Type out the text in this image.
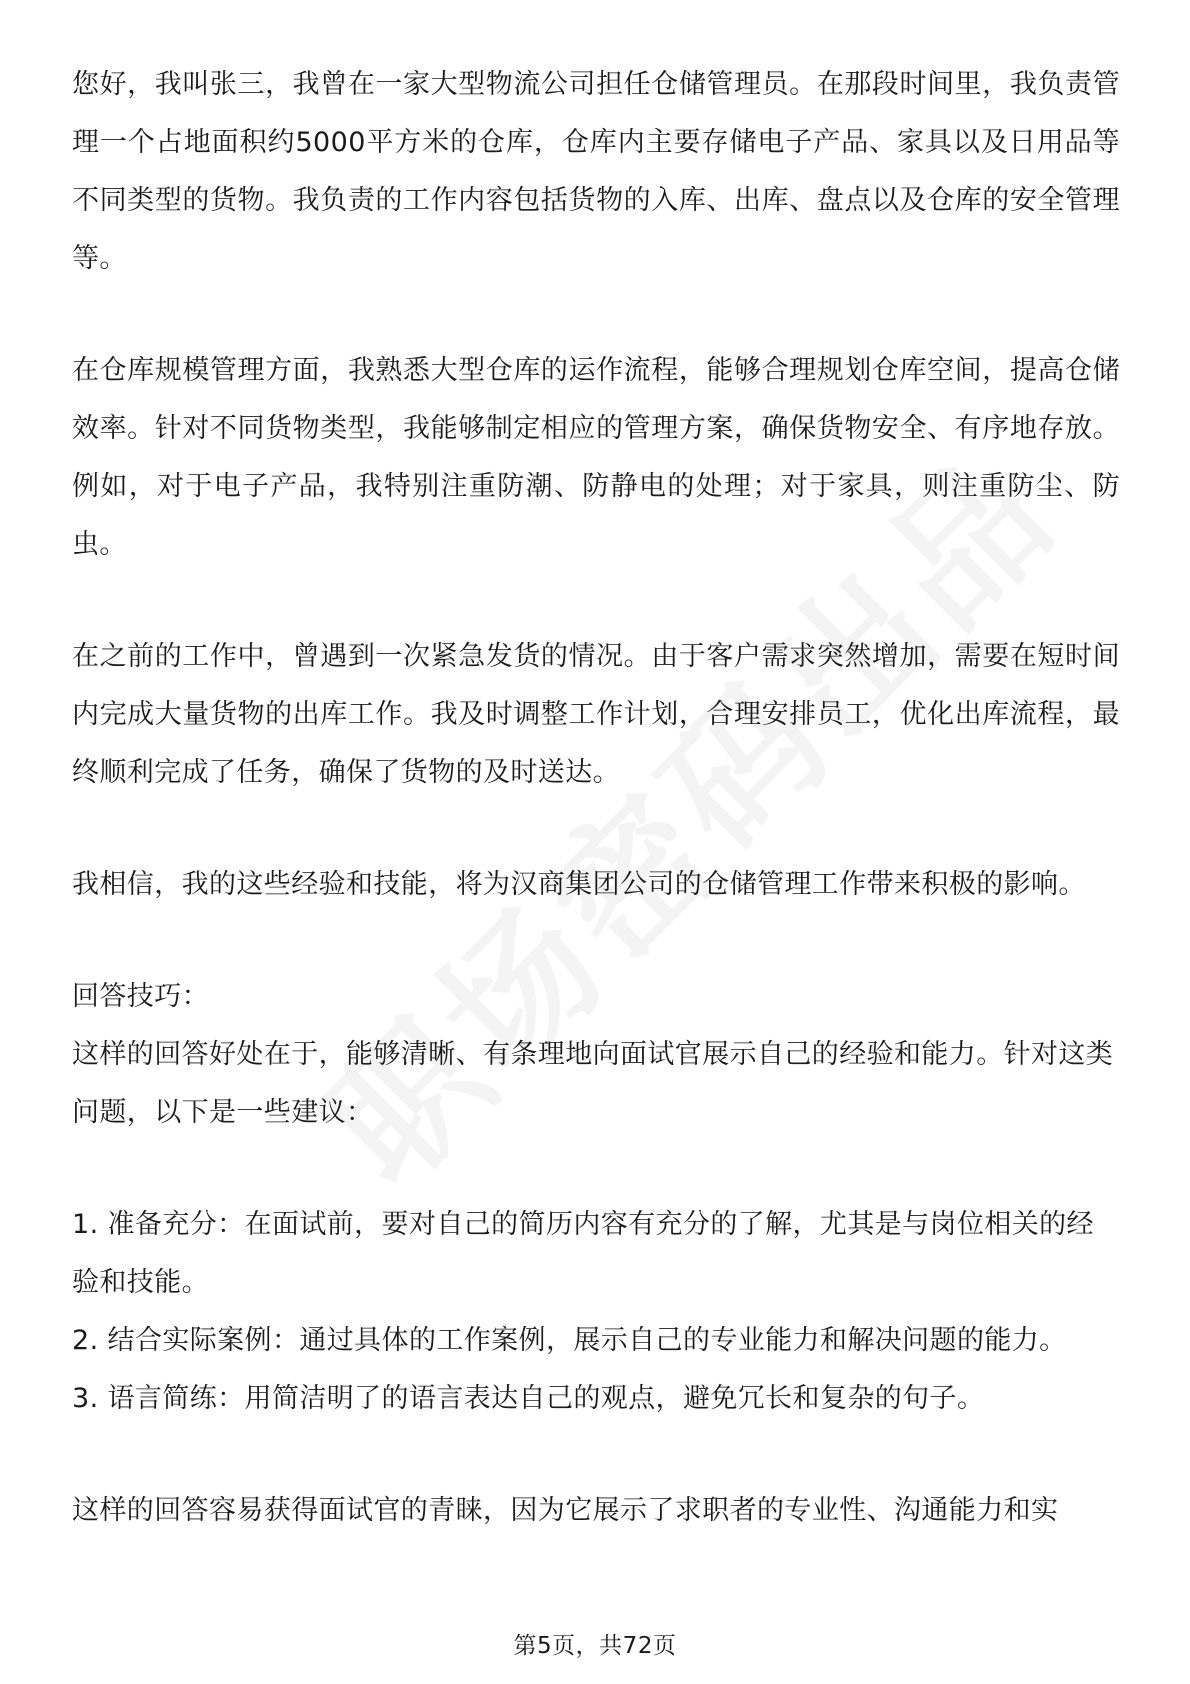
您好，我叫张三，我曾在一家大型物流公司担任仓储管理员。在那段时间里，我负责管理一个占地面积约5000平方米的仓库，仓库内主要存储电子产品、家具以及日用品等不同类型的货物。我负责的工作内容包括货物的入库、出库、盘点以及仓库的安全管理等。

在仓库规模管理方面，我熟悉大型仓库的运作流程，能够合理规划仓库空间，提高仓储效率。针对不同货物类型，我能够制定相应的管理方案，确保货物安全、有序地存放。例如，对于电子产品，我特别注重防潮、防静电的处理；对于家具，则注重防尘、防虫。

在之前的工作中，曾遇到一次紧急发货的情况。由于客户需求突然增加，需要在短时间内完成大量货物的出库工作。我及时调整工作计划，合理安排员工，优化出库流程，最终顺利完成了任务，确保了货物的及时送达。

我相信，我的这些经验和技能，将为汉商集团公司的仓储管理工作带来积极的影响。

回答技巧：

这样的回答好处在于，能够清晰、有条理地向面试官展示自己的经验和能力。针对这类问题，以下是一些建议：

1. 准备充分：在面试前，要对自己的简历内容有充分的了解，尤其是与岗位相关的经验和技能。

2. 结合实际案例：通过具体的工作案例，展示自己的专业能力和解决问题的能力。

3. 语言简练：用简洁明了的语言表达自己的观点，避免冗长和复杂的句子。

这样的回答容易获得面试官的青睐，因为它展示了求职者的专业性、沟通能力和实

第5页，共72页
